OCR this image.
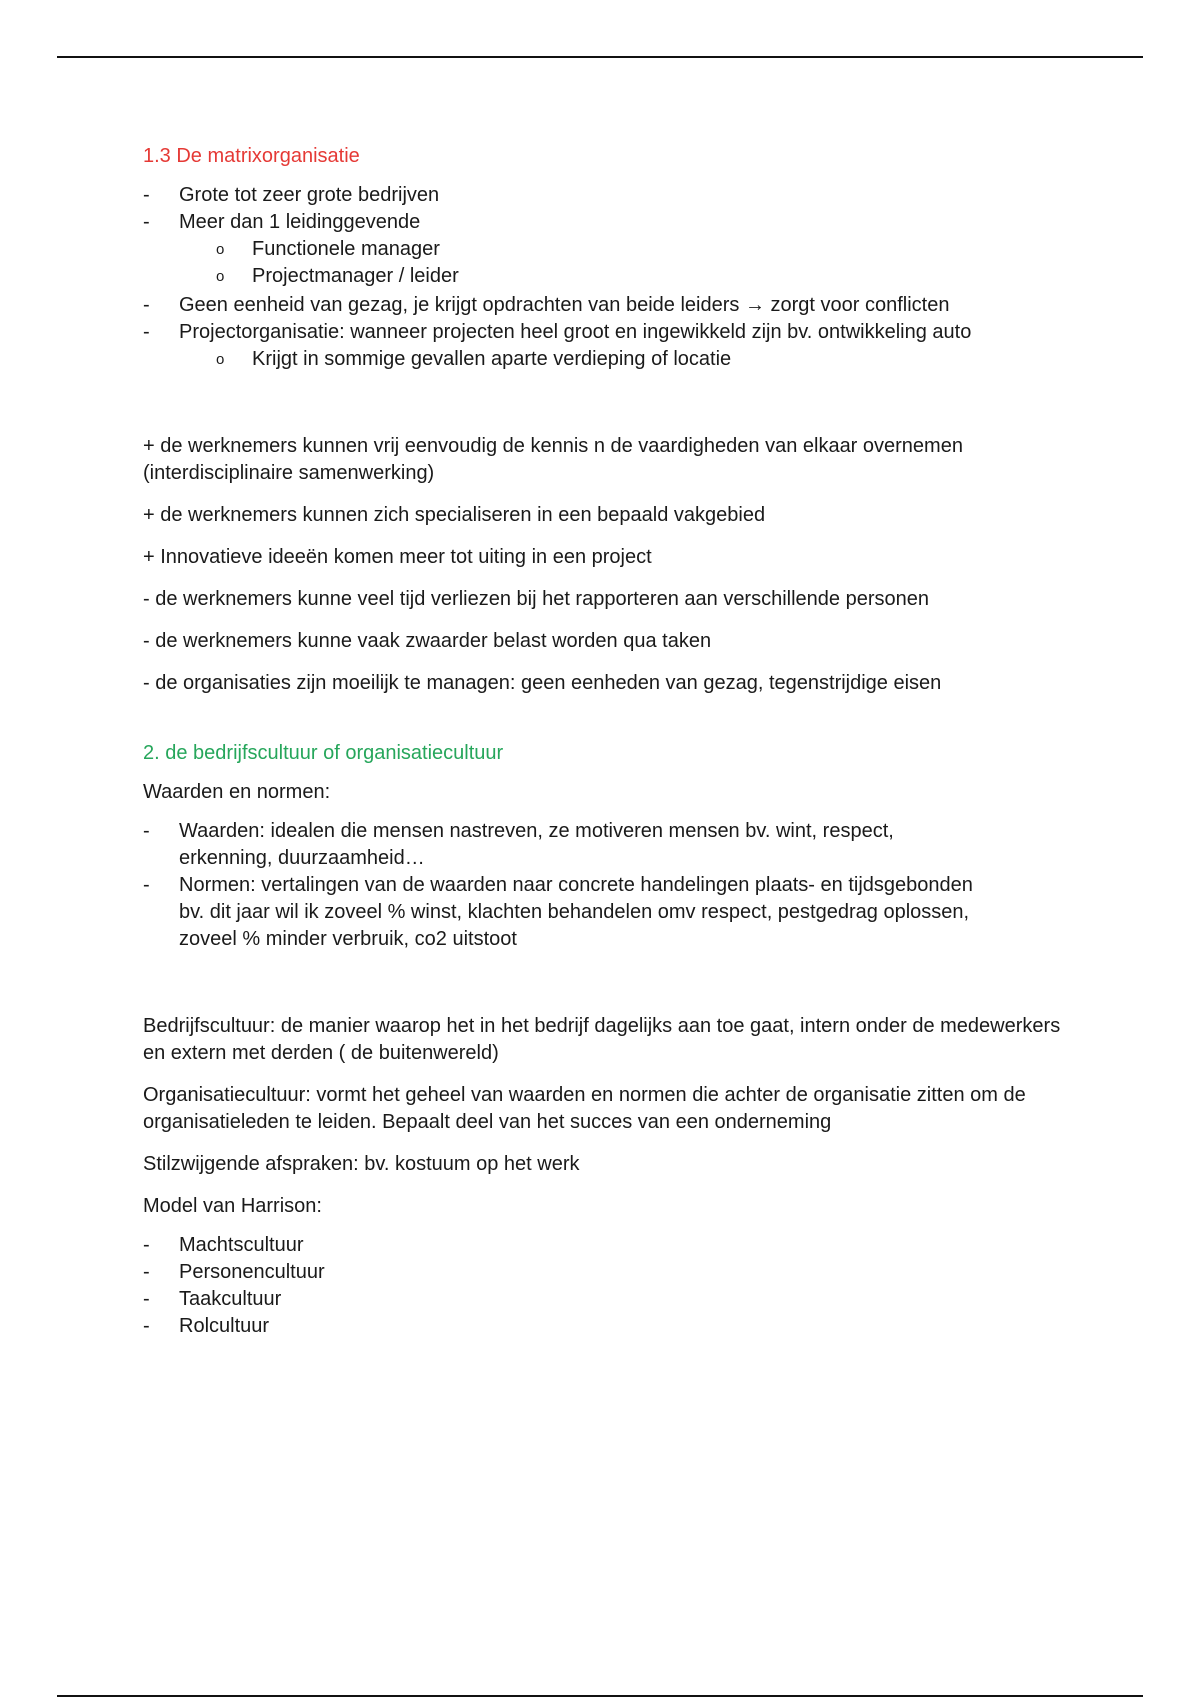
1.3 De matrixorganisatie
- Grote tot zeer grote bedrijven
- Meer dan 1 leidinggevende
o Functionele manager
o Projectmanager / leider
- Geen eenheid van gezag, je krijgt opdrachten van beide leiders → zorgt voor conflicten
- Projectorganisatie: wanneer projecten heel groot en ingewikkeld zijn bv. ontwikkeling auto
o Krijgt in sommige gevallen aparte verdieping of locatie

+ de werknemers kunnen vrij eenvoudig de kennis n de vaardigheden van elkaar overnemen (interdisciplinaire samenwerking)

+ de werknemers kunnen zich specialiseren in een bepaald vakgebied

+ Innovatieve ideeën komen meer tot uiting in een project

- de werknemers kunne veel tijd verliezen bij het rapporteren aan verschillende personen

- de werknemers kunne vaak zwaarder belast worden qua taken

- de organisaties zijn moeilijk te managen: geen eenheden van gezag, tegenstrijdige eisen

2. de bedrijfscultuur of organisatiecultuur

Waarden en normen:

- Waarden: idealen die mensen nastreven, ze motiveren mensen bv. wint, respect, erkenning, duurzaamheid…
- Normen: vertalingen van de waarden naar concrete handelingen plaats- en tijdsgebonden bv. dit jaar wil ik zoveel % winst, klachten behandelen omv respect, pestgedrag oplossen, zoveel % minder verbruik, co2 uitstoot

Bedrijfscultuur: de manier waarop het in het bedrijf dagelijks aan toe gaat, intern onder de medewerkers en extern met derden ( de buitenwereld)

Organisatiecultuur: vormt het geheel van waarden en normen die achter de organisatie zitten om de organisatieleden te leiden. Bepaalt deel van het succes van een onderneming

Stilzwijgende afspraken: bv. kostuum op het werk

Model van Harrison:

- Machtscultuur
- Personencultuur
- Taakcultuur
- Rolcultuur
